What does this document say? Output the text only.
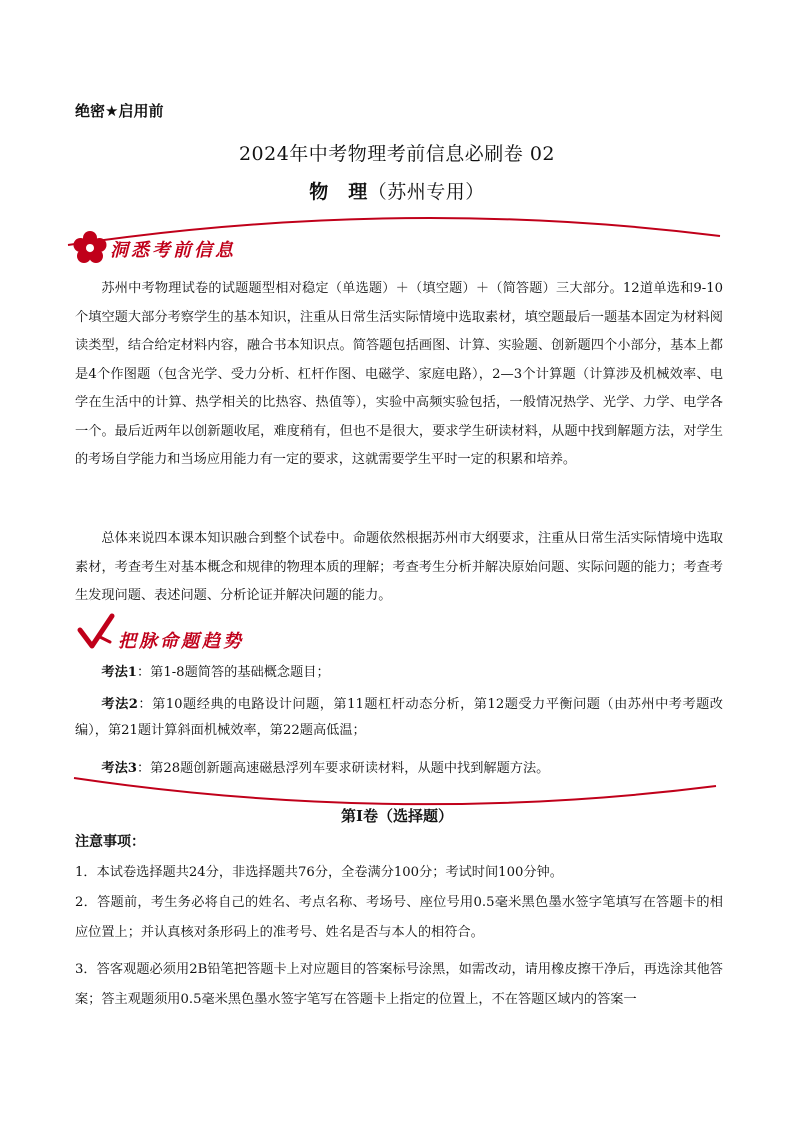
绝密★启用前
2024年中考物理考前信息必刷卷 02
物　理（苏州专用）
洞悉考前信息
苏州中考物理试卷的试题题型相对稳定（单选题）＋（填空题）＋（简答题）三大部分。12道单选和9-10个填空题大部分考察学生的基本知识，注重从日常生活实际情境中选取素材，填空题最后一题基本固定为材料阅读类型，结合给定材料内容，融合书本知识点。简答题包括画图、计算、实验题、创新题四个小部分，基本上都是4个作图题（包含光学、受力分析、杠杆作图、电磁学、家庭电路），2—3个计算题（计算涉及机械效率、电学在生活中的计算、热学相关的比热容、热值等），实验中高频实验包括，一般情况热学、光学、力学、电学各一个。最后近两年以创新题收尾，难度稍有，但也不是很大，要求学生研读材料，从题中找到解题方法，对学生的考场自学能力和当场应用能力有一定的要求，这就需要学生平时一定的积累和培养。
总体来说四本课本知识融合到整个试卷中。命题依然根据苏州市大纲要求，注重从日常生活实际情境中选取素材，考查考生对基本概念和规律的物理本质的理解；考查考生分析并解决原始问题、实际问题的能力；考查考生发现问题、表述问题、分析论证并解决问题的能力。
把脉命题趋势
考法1：第1-8题简答的基础概念题目；
考法2：第10题经典的电路设计问题，第11题杠杆动态分析，第12题受力平衡问题（由苏州中考考题改编），第21题计算斜面机械效率，第22题高低温；
考法3：第28题创新题高速磁悬浮列车要求研读材料，从题中找到解题方法。
第Ⅰ卷（选择题）
注意事项：
1．本试卷选择题共24分，非选择题共76分，全卷满分100分；考试时间100分钟。
2．答题前，考生务必将自己的姓名、考点名称、考场号、座位号用0.5毫米黑色墨水签字笔填写在答题卡的相应位置上；并认真核对条形码上的准考号、姓名是否与本人的相符合。
3．答客观题必须用2B铅笔把答题卡上对应题目的答案标号涂黑，如需改动，请用橡皮擦干净后，再选涂其他答案；答主观题须用0.5毫米黑色墨水签字笔写在答题卡上指定的位置上，不在答题区域内的答案一
